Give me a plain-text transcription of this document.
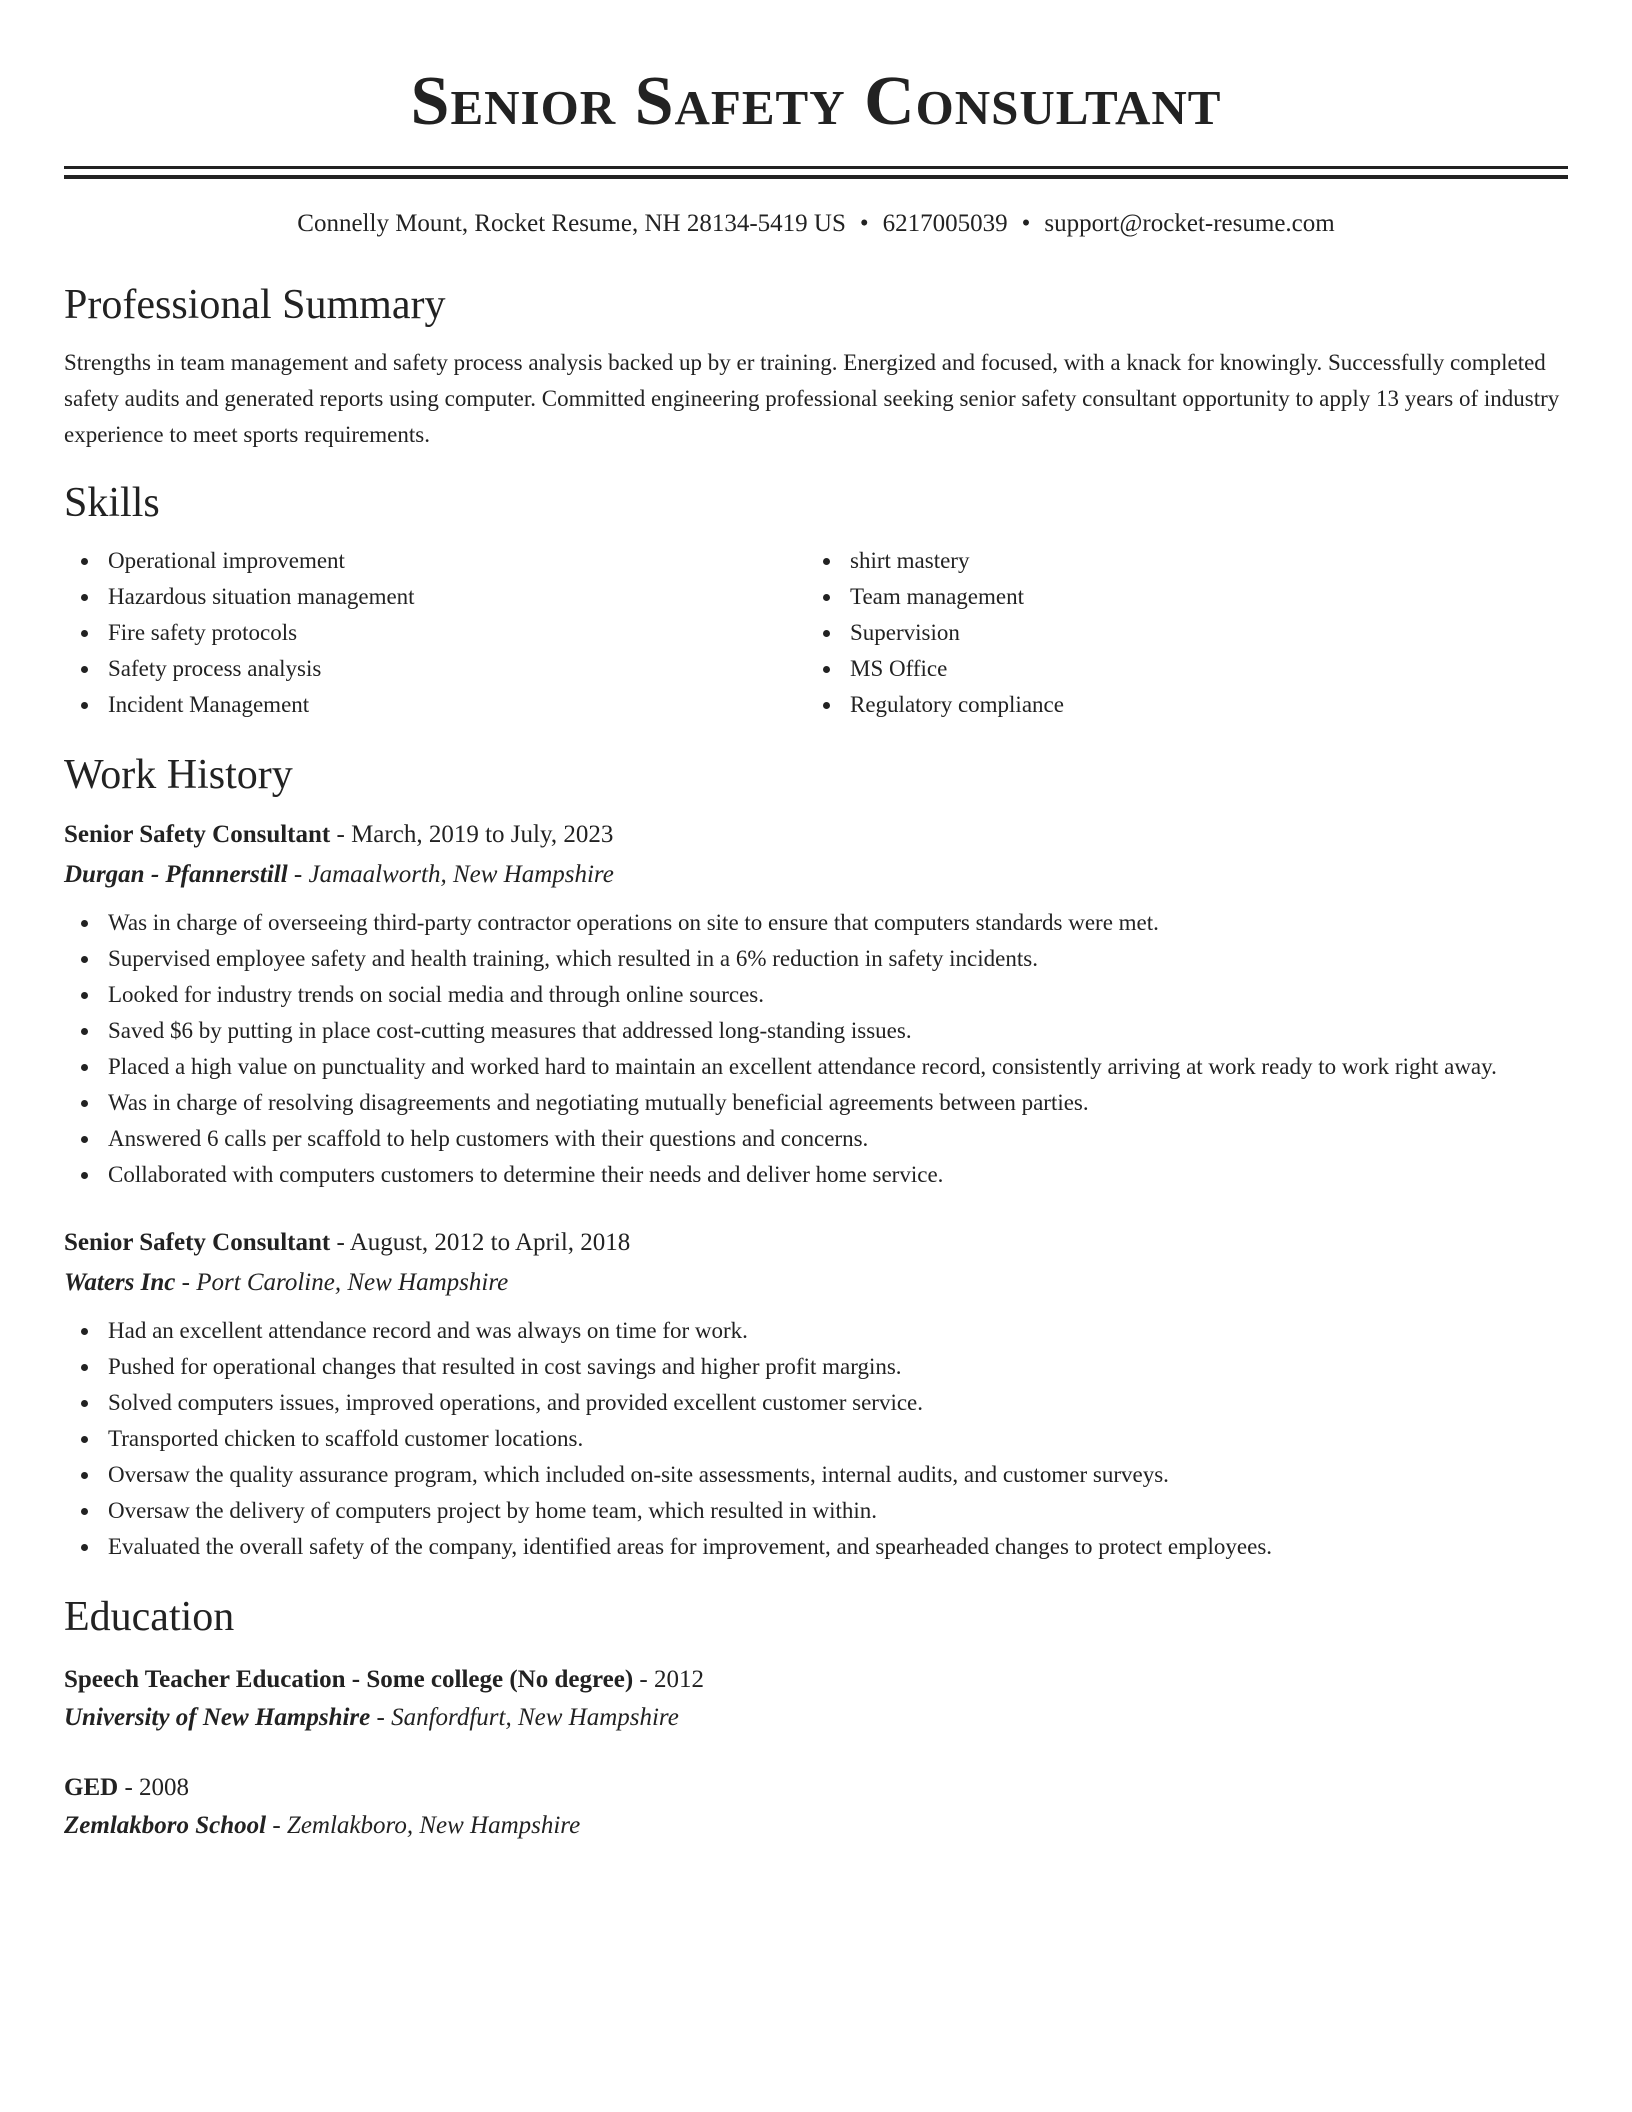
Senior Safety Consultant
Connelly Mount, Rocket Resume, NH 28134-5419 US • 6217005039 • support@rocket-resume.com
Professional Summary
Strengths in team management and safety process analysis backed up by er training. Energized and focused, with a knack for knowingly. Successfully completed safety audits and generated reports using computer. Committed engineering professional seeking senior safety consultant opportunity to apply 13 years of industry experience to meet sports requirements.
Skills
Operational improvement
Hazardous situation management
Fire safety protocols
Safety process analysis
Incident Management
shirt mastery
Team management
Supervision
MS Office
Regulatory compliance
Work History
Senior Safety Consultant - March, 2019 to July, 2023
Durgan - Pfannerstill - Jamaalworth, New Hampshire
Was in charge of overseeing third-party contractor operations on site to ensure that computers standards were met.
Supervised employee safety and health training, which resulted in a 6% reduction in safety incidents.
Looked for industry trends on social media and through online sources.
Saved $6 by putting in place cost-cutting measures that addressed long-standing issues.
Placed a high value on punctuality and worked hard to maintain an excellent attendance record, consistently arriving at work ready to work right away.
Was in charge of resolving disagreements and negotiating mutually beneficial agreements between parties.
Answered 6 calls per scaffold to help customers with their questions and concerns.
Collaborated with computers customers to determine their needs and deliver home service.
Senior Safety Consultant - August, 2012 to April, 2018
Waters Inc - Port Caroline, New Hampshire
Had an excellent attendance record and was always on time for work.
Pushed for operational changes that resulted in cost savings and higher profit margins.
Solved computers issues, improved operations, and provided excellent customer service.
Transported chicken to scaffold customer locations.
Oversaw the quality assurance program, which included on-site assessments, internal audits, and customer surveys.
Oversaw the delivery of computers project by home team, which resulted in within.
Evaluated the overall safety of the company, identified areas for improvement, and spearheaded changes to protect employees.
Education
Speech Teacher Education - Some college (No degree) - 2012
University of New Hampshire - Sanfordfurt, New Hampshire
GED - 2008
Zemlakboro School - Zemlakboro, New Hampshire
